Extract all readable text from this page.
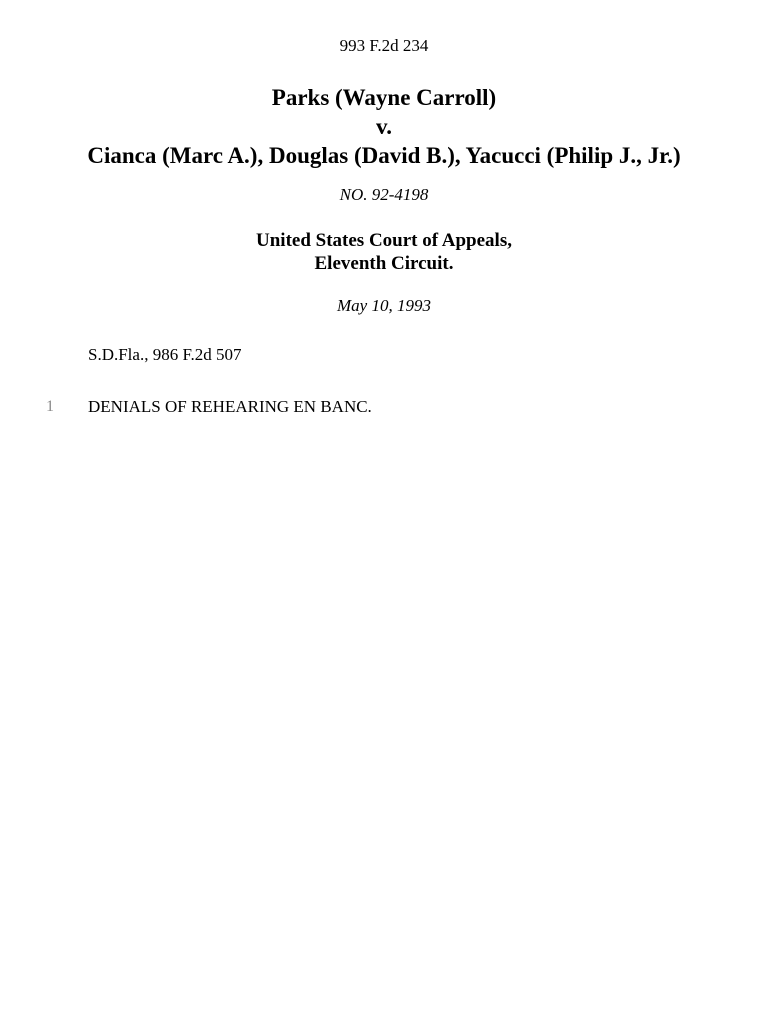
993 F.2d 234
Parks (Wayne Carroll)
v.
Cianca (Marc A.), Douglas (David B.), Yacucci (Philip J., Jr.)
NO. 92-4198
United States Court of Appeals,
Eleventh Circuit.
May 10, 1993
S.D.Fla., 986 F.2d 507
1 DENIALS OF REHEARING EN BANC.
